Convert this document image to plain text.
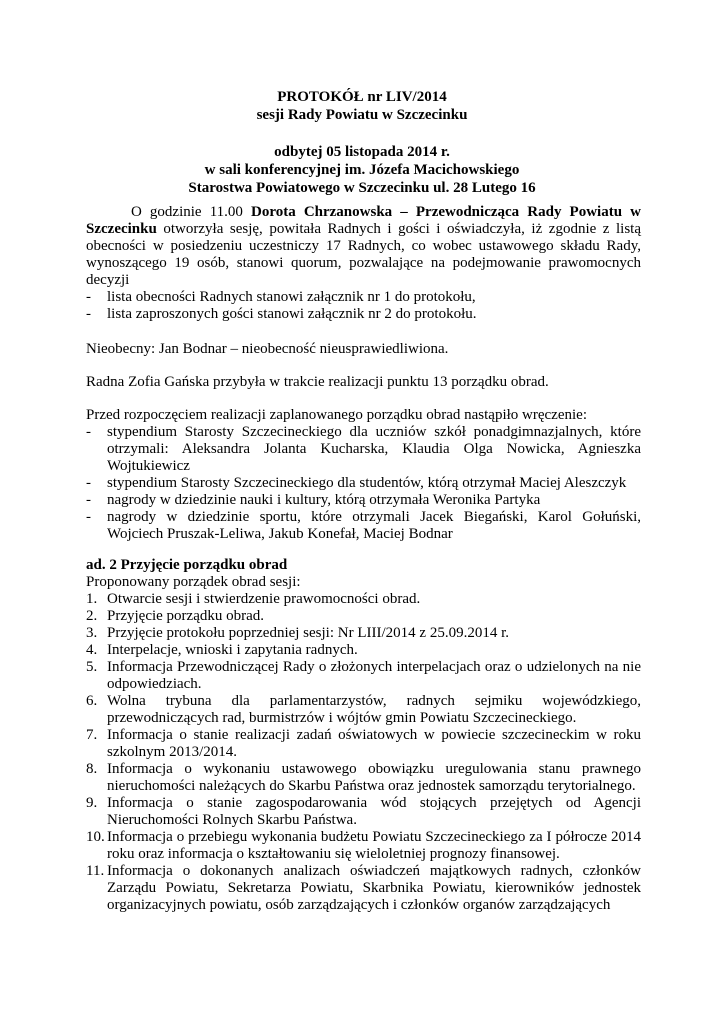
PROTOKÓŁ nr LIV/2014
sesji Rady Powiatu w Szczecinku
odbytej 05 listopada 2014 r.
w sali konferencyjnej im. Józefa Macichowskiego
Starostwa Powiatowego w Szczecinku ul. 28 Lutego 16
O godzinie 11.00 Dorota Chrzanowska – Przewodnicząca Rady Powiatu w Szczecinku otworzyła sesję, powitała Radnych i gości i oświadczyła, iż zgodnie z listą obecności w posiedzeniu uczestniczy 17 Radnych, co wobec ustawowego składu Rady, wynoszącego 19 osób, stanowi quorum, pozwalające na podejmowanie prawomocnych decyzji
-	lista obecności Radnych stanowi załącznik nr 1 do protokołu,
-	lista zaproszonych gości stanowi załącznik nr 2 do protokołu.
Nieobecny: Jan Bodnar – nieobecność nieusprawiedliwiona.
Radna Zofia Gańska przybyła w trakcie realizacji punktu 13 porządku obrad.
Przed rozpoczęciem realizacji zaplanowanego porządku obrad nastąpiło wręczenie:
-	stypendium Starosty Szczecineckiego dla uczniów szkół ponadgimnazjalnych, które otrzymali: Aleksandra Jolanta Kucharska, Klaudia Olga Nowicka, Agnieszka Wojtukiewicz
-	stypendium Starosty Szczecineckiego dla studentów, którą otrzymał Maciej Aleszczyk
-	nagrody w dziedzinie nauki i kultury, którą otrzymała Weronika Partyka
-	nagrody w dziedzinie sportu, które otrzymali Jacek Biegański, Karol Gołuński, Wojciech Pruszak-Leliwa, Jakub Konefał, Maciej Bodnar
ad. 2 Przyjęcie porządku obrad
Proponowany porządek obrad sesji:
1. Otwarcie sesji i stwierdzenie prawomocności obrad.
2. Przyjęcie porządku obrad.
3. Przyjęcie protokołu poprzedniej sesji: Nr LIII/2014 z 25.09.2014 r.
4. Interpelacje, wnioski i zapytania radnych.
5. Informacja Przewodniczącej Rady o złożonych interpelacjach oraz o udzielonych na nie odpowiedziach.
6. Wolna trybuna dla parlamentarzystów, radnych sejmiku wojewódzkiego, przewodniczących rad, burmistrzów i wójtów gmin Powiatu Szczecineckiego.
7. Informacja o stanie realizacji zadań oświatowych w powiecie szczecineckim w roku szkolnym 2013/2014.
8. Informacja o wykonaniu ustawowego obowiązku uregulowania stanu prawnego nieruchomości należących do Skarbu Państwa oraz jednostek samorządu terytorialnego.
9. Informacja o stanie zagospodarowania wód stojących przejętych od Agencji Nieruchomości Rolnych Skarbu Państwa.
10. Informacja o przebiegu wykonania budżetu Powiatu Szczecineckiego za I półrocze 2014 roku oraz informacja o kształtowaniu się wieloletniej prognozy finansowej.
11. Informacja o dokonanych analizach oświadczeń majątkowych radnych, członków Zarządu Powiatu, Sekretarza Powiatu, Skarbnika Powiatu, kierowników jednostek organizacyjnych powiatu, osób zarządzających i członków organów zarządzających
